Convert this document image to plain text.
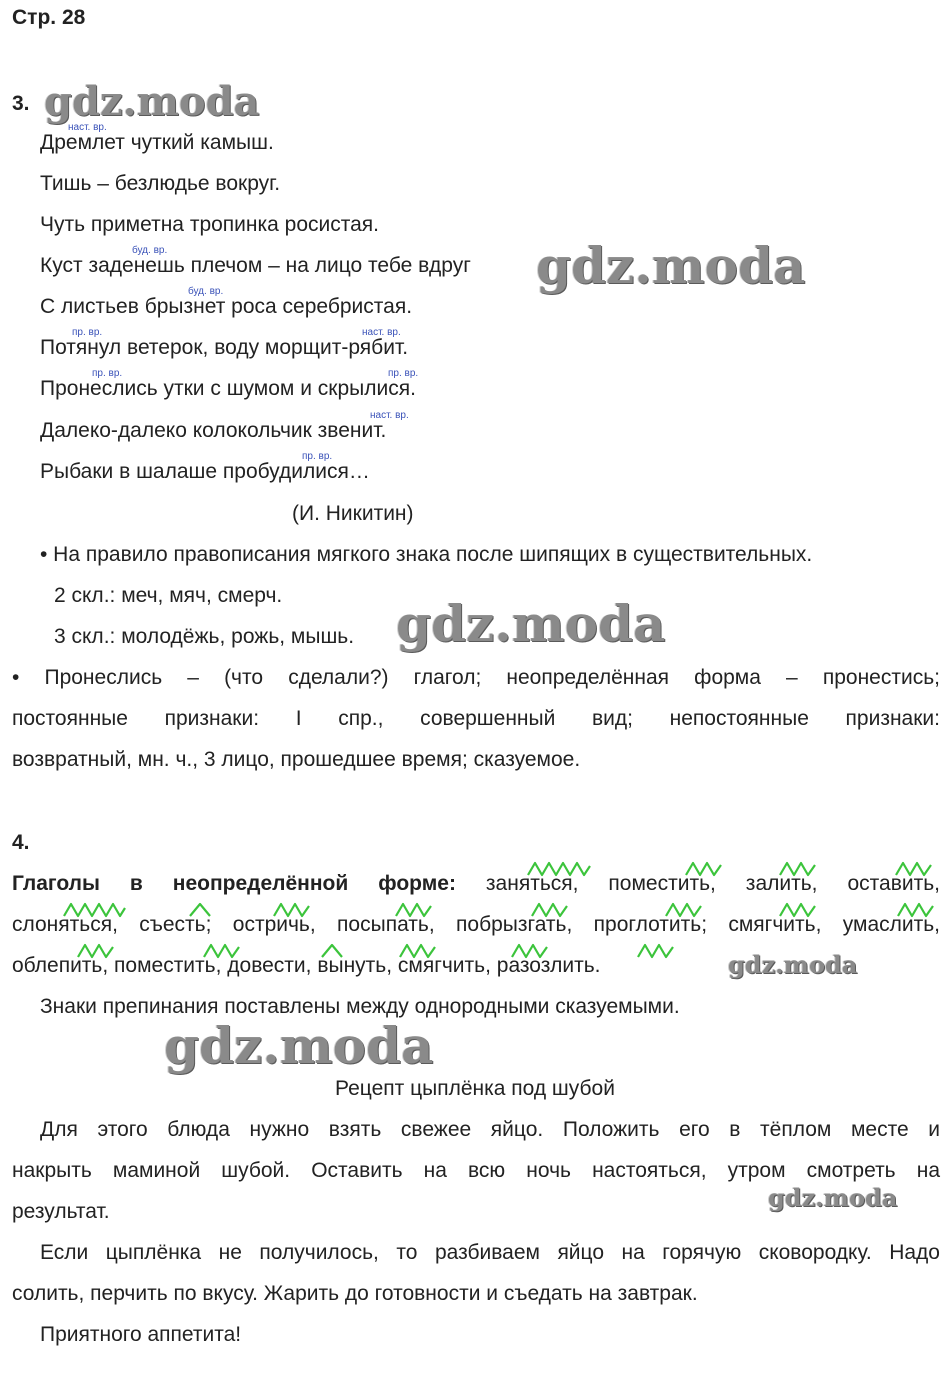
Стр. 28
3. gdz.moda
наст. вр.
Дремлет чуткий камыш.
Тишь – безлюдье вокруг.
Чуть приметна тропинка росистая.
буд. вр.
Куст заденешь плечом – на лицо тебе вдруг gdz.moda
буд. вр.
С листьев брызнет роса серебристая.
пр. вр.	наст. вр.
Потянул ветерок, воду морщит-рябит.
пр. вр.	пр. вр.
Пронеслись утки с шумом и скрылися.
наст. вр.
Далеко-далеко колокольчик звенит.
пр. вр.
Рыбаки в шалаше пробудилися…
(И. Никитин)
• На правило правописания мягкого знака после шипящих в существительных.
2 скл.: меч, мяч, смерч.
3 скл.: молодёжь, рожь, мышь. gdz.moda
• Пронеслись – (что сделали?) глагол; неопределённая форма – пронестись;
постоянные признаки: I спр., совершенный вид; непостоянные признаки:
возвратный, мн. ч., 3 лицо, прошедшее время; сказуемое.
4.
Глаголы в неопределённой форме: заняться, поместить, залить, оставить,
слоняться, съесть; остричь, посыпать, побрызгать, проглотить; смягчить, умаслить,
облепить, поместить, довести, вынуть, смягчить, разозлить.	gdz.moda
Знаки препинания поставлены между однородными сказуемыми.
gdz.moda
Рецепт цыплёнка под шубой
Для этого блюда нужно взять свежее яйцо. Положить его в тёплом месте и
накрыть маминой шубой. Оставить на всю ночь настояться, утром смотреть на
результат.	gdz.moda
Если цыплёнка не получилось, то разбиваем яйцо на горячую сковородку. Надо
солить, перчить по вкусу. Жарить до готовности и съедать на завтрак.
Приятного аппетита!
